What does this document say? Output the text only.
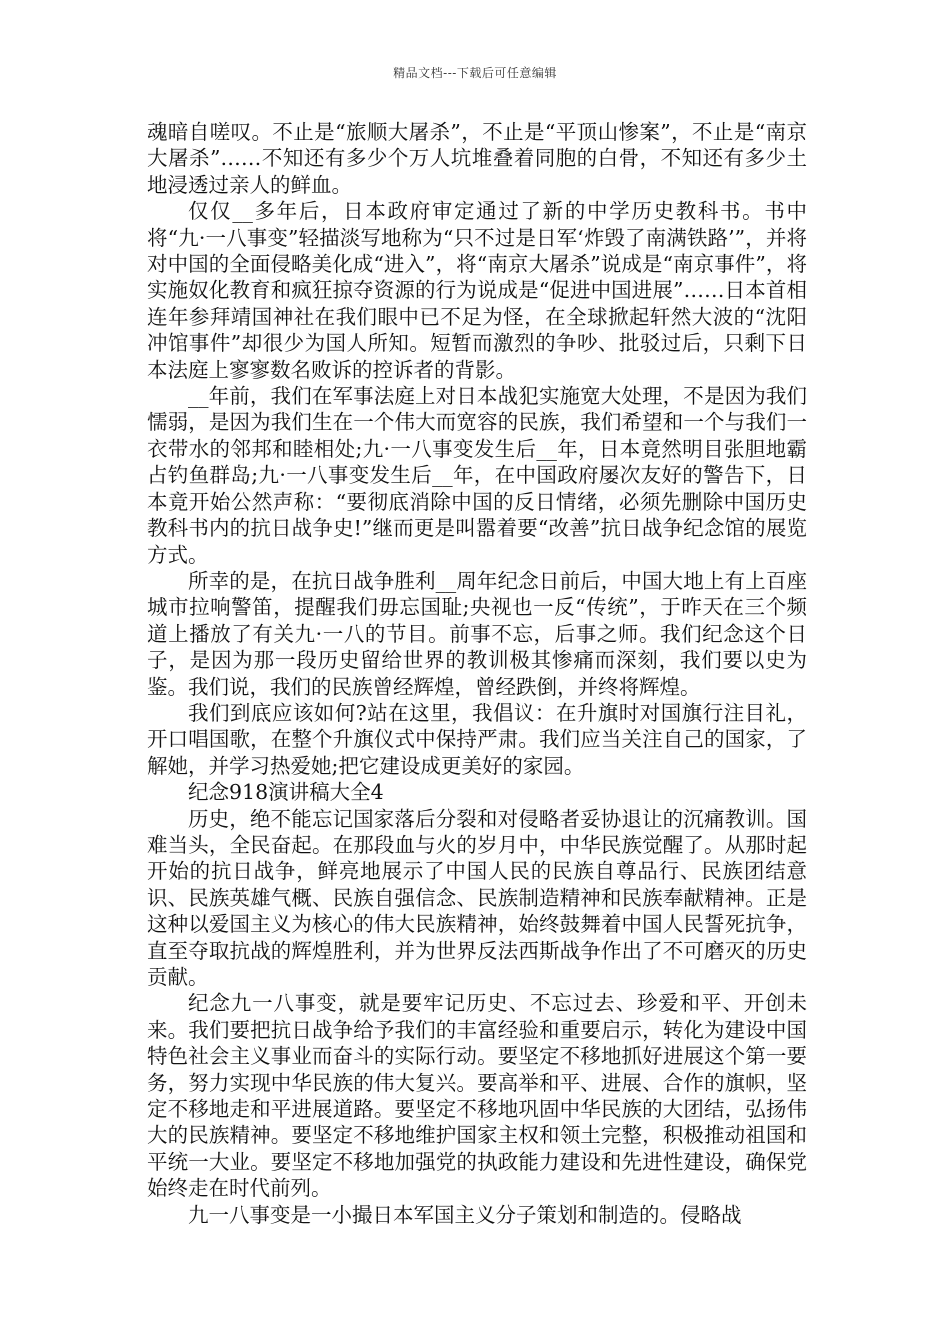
精品文档---下载后可任意编辑

魂暗自嗟叹。不止是“旅顺大屠杀”，不止是“平顶山惨案”，不止是“南京大屠杀”……不知还有多少个万人坑堆叠着同胞的白骨，不知还有多少土地浸透过亲人的鲜血。

仅仅__多年后，日本政府审定通过了新的中学历史教科书。书中将“九·一八事变”轻描淡写地称为“只不过是日军‘炸毁了南满铁路’”，并将对中国的全面侵略美化成“进入”，将“南京大屠杀”说成是“南京事件”，将实施奴化教育和疯狂掠夺资源的行为说成是“促进中国进展”……日本首相连年参拜靖国神社在我们眼中已不足为怪，在全球掀起轩然大波的“沈阳冲馆事件”却很少为国人所知。短暂而激烈的争吵、批驳过后，只剩下日本法庭上寥寥数名败诉的控诉者的背影。

__年前，我们在军事法庭上对日本战犯实施宽大处理，不是因为我们懦弱，是因为我们生在一个伟大而宽容的民族，我们希望和一个与我们一衣带水的邻邦和睦相处;九·一八事变发生后__年，日本竟然明目张胆地霸占钓鱼群岛;九·一八事变发生后__年，在中国政府屡次友好的警告下，日本竟开始公然声称：“要彻底消除中国的反日情绪，必须先删除中国历史教科书内的抗日战争史!”继而更是叫嚣着要“改善”抗日战争纪念馆的展览方式。

所幸的是，在抗日战争胜利__周年纪念日前后，中国大地上有上百座城市拉响警笛，提醒我们毋忘国耻;央视也一反“传统”，于昨天在三个频道上播放了有关九·一八的节目。前事不忘，后事之师。我们纪念这个日子，是因为那一段历史留给世界的教训极其惨痛而深刻，我们要以史为鉴。我们说，我们的民族曾经辉煌，曾经跌倒，并终将辉煌。

我们到底应该如何?站在这里，我倡议：在升旗时对国旗行注目礼，开口唱国歌，在整个升旗仪式中保持严肃。我们应当关注自己的国家，了解她，并学习热爱她;把它建设成更美好的家园。

纪念918演讲稿大全4

历史，绝不能忘记国家落后分裂和对侵略者妥协退让的沉痛教训。国难当头，全民奋起。在那段血与火的岁月中，中华民族觉醒了。从那时起开始的抗日战争，鲜亮地展示了中国人民的民族自尊品行、民族团结意识、民族英雄气概、民族自强信念、民族制造精神和民族奉献精神。正是这种以爱国主义为核心的伟大民族精神，始终鼓舞着中国人民誓死抗争，直至夺取抗战的辉煌胜利，并为世界反法西斯战争作出了不可磨灭的历史贡献。

纪念九一八事变，就是要牢记历史、不忘过去、珍爱和平、开创未来。我们要把抗日战争给予我们的丰富经验和重要启示，转化为建设中国特色社会主义事业而奋斗的实际行动。要坚定不移地抓好进展这个第一要务，努力实现中华民族的伟大复兴。要高举和平、进展、合作的旗帜，坚定不移地走和平进展道路。要坚定不移地巩固中华民族的大团结，弘扬伟大的民族精神。要坚定不移地维护国家主权和领土完整，积极推动祖国和平统一大业。要坚定不移地加强党的执政能力建设和先进性建设，确保党始终走在时代前列。

九一八事变是一小撮日本军国主义分子策划和制造的。侵略战
